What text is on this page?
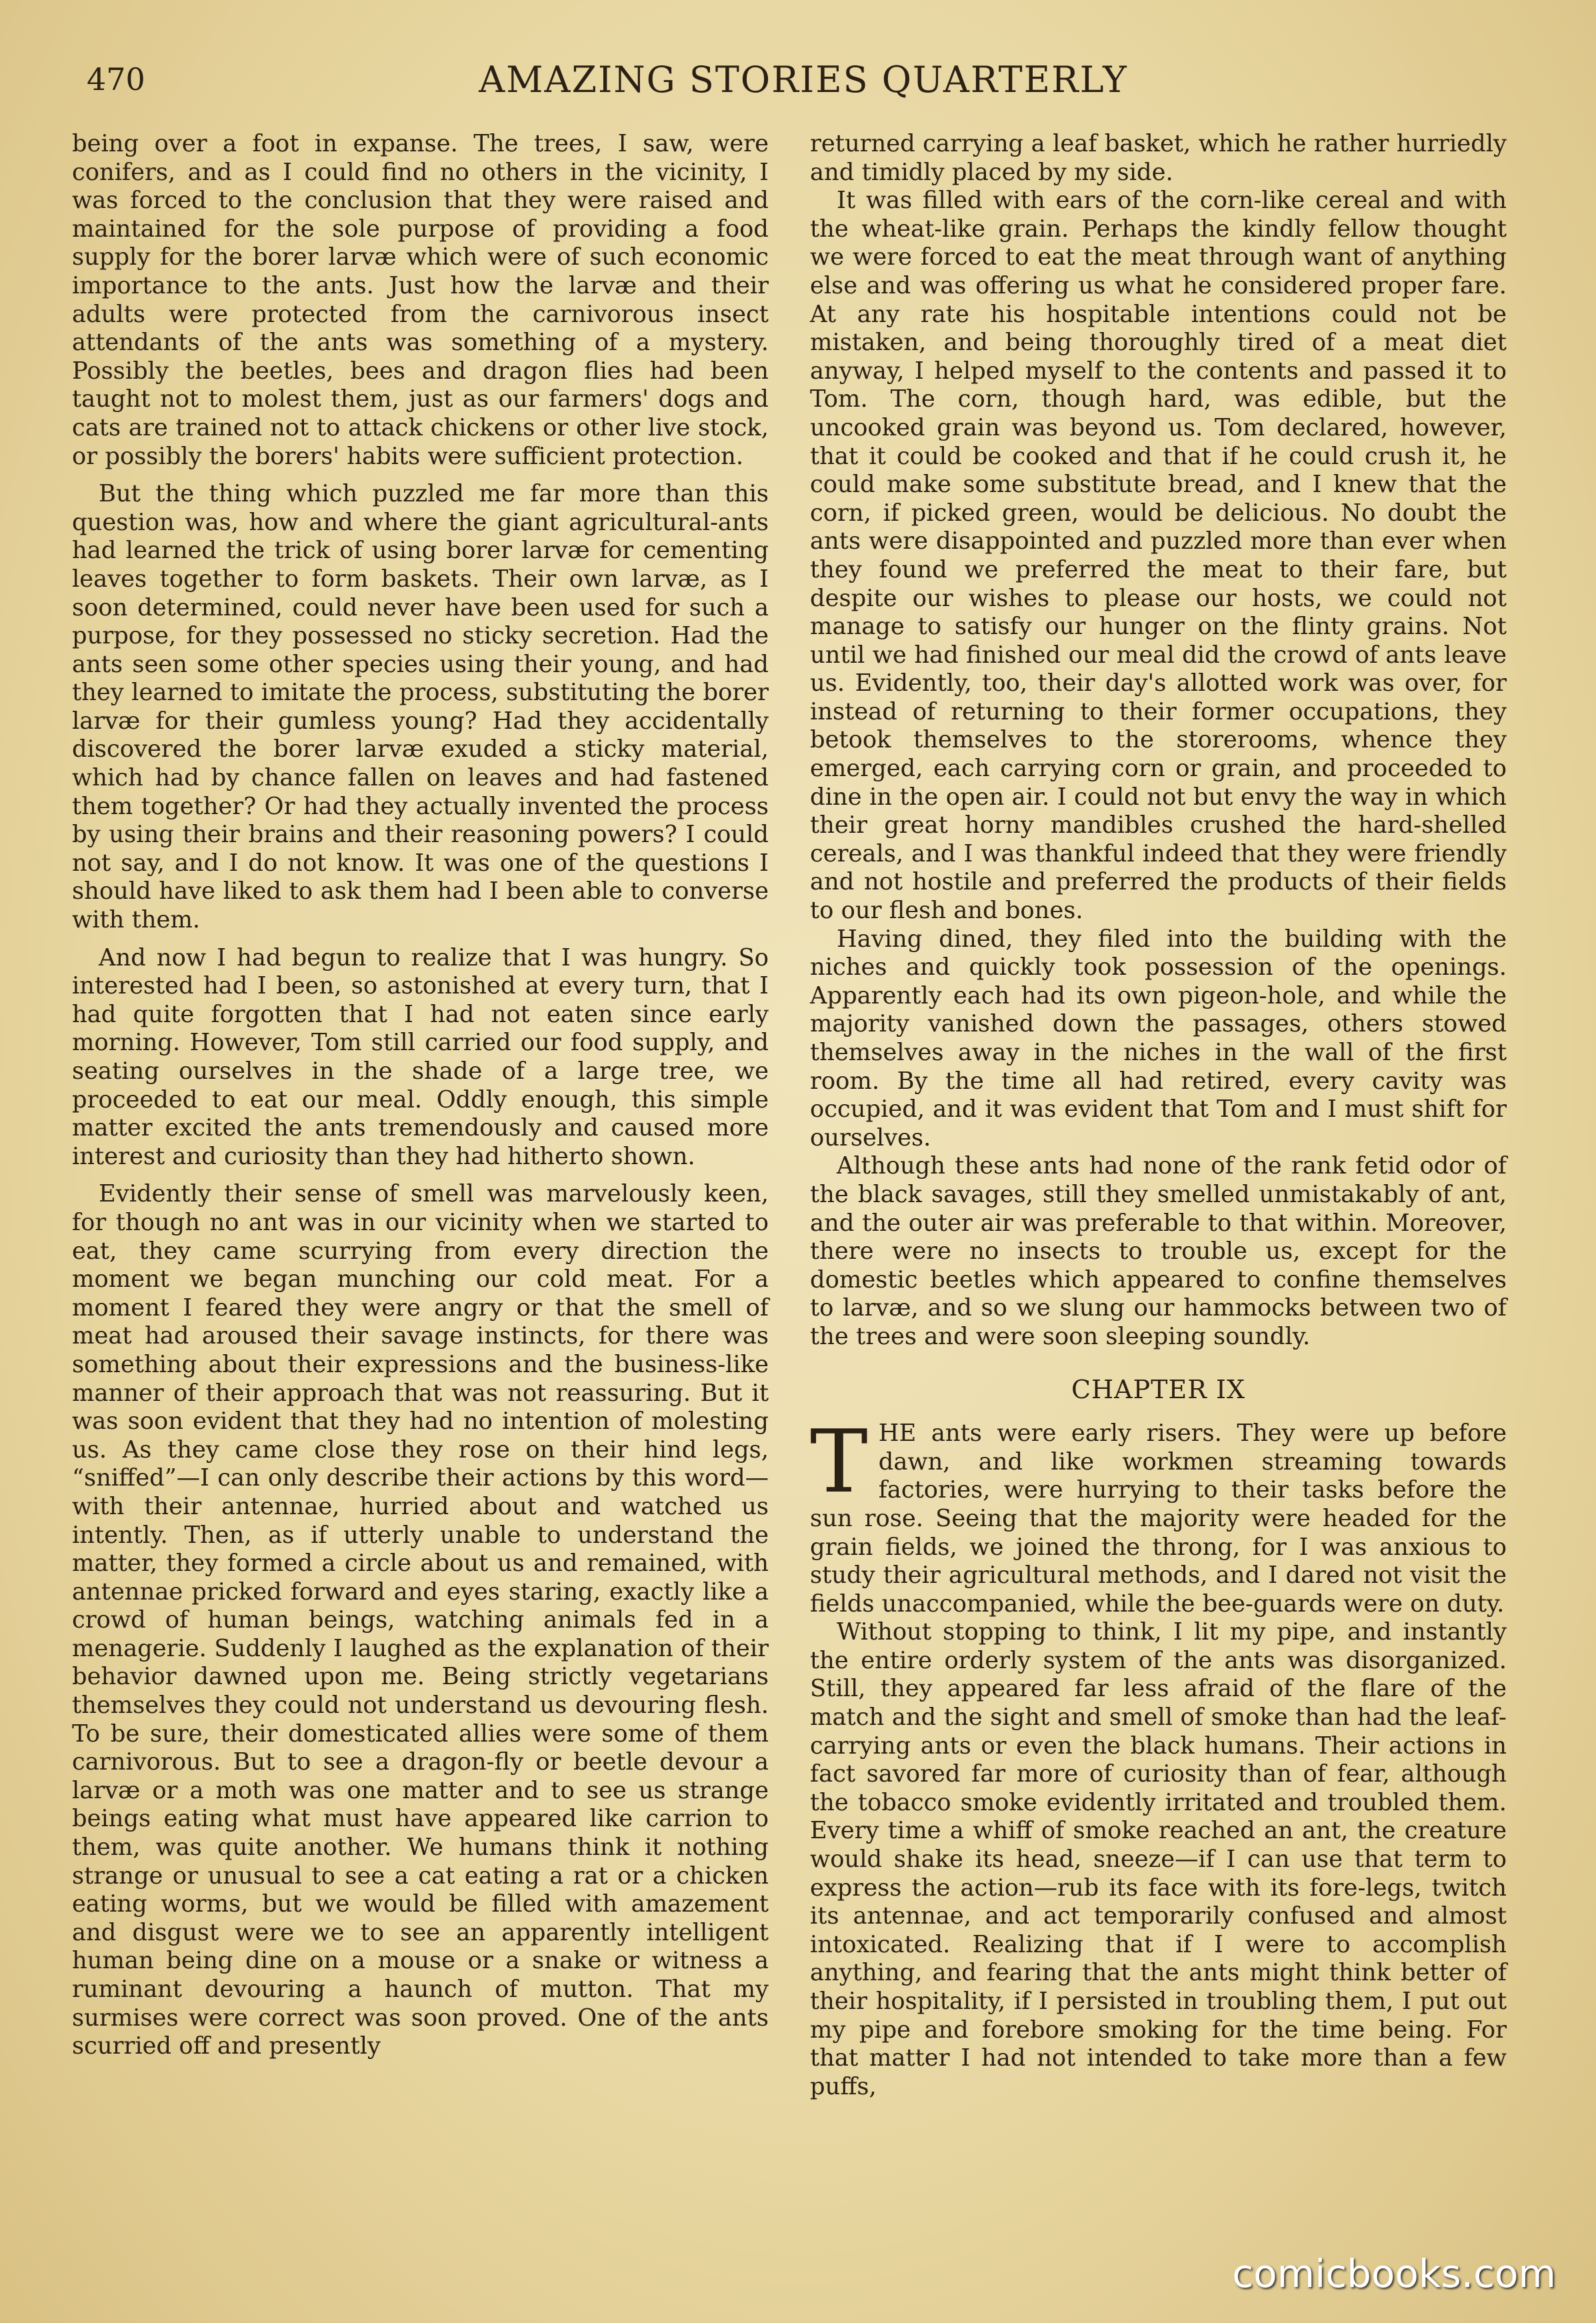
470	AMAZING STORIES QUARTERLY

being over a foot in expanse. The trees, I saw, were conifers, and as I could find no others in the vicinity, I was forced to the conclusion that they were raised and maintained for the sole purpose of providing a food supply for the borer larvæ which were of such economic importance to the ants. Just how the larvæ and their adults were protected from the carnivorous insect attendants of the ants was something of a mystery. Possibly the beetles, bees and dragon flies had been taught not to molest them, just as our farmers' dogs and cats are trained not to attack chickens or other live stock, or possibly the borers' habits were sufficient protection.

But the thing which puzzled me far more than this question was, how and where the giant agricultural-ants had learned the trick of using borer larvæ for cementing leaves together to form baskets. Their own larvæ, as I soon determined, could never have been used for such a purpose, for they possessed no sticky secretion. Had the ants seen some other species using their young, and had they learned to imitate the process, substituting the borer larvæ for their gumless young? Had they accidentally discovered the borer larvæ exuded a sticky material, which had by chance fallen on leaves and had fastened them together? Or had they actually invented the process by using their brains and their reasoning powers? I could not say, and I do not know. It was one of the questions I should have liked to ask them had I been able to converse with them.

And now I had begun to realize that I was hungry. So interested had I been, so astonished at every turn, that I had quite forgotten that I had not eaten since early morning. However, Tom still carried our food supply, and seating ourselves in the shade of a large tree, we proceeded to eat our meal. Oddly enough, this simple matter excited the ants tremendously and caused more interest and curiosity than they had hitherto shown.

Evidently their sense of smell was marvelously keen, for though no ant was in our vicinity when we started to eat, they came scurrying from every direction the moment we began munching our cold meat. For a moment I feared they were angry or that the smell of meat had aroused their savage instincts, for there was something about their expressions and the business-like manner of their approach that was not reassuring. But it was soon evident that they had no intention of molesting us. As they came close they rose on their hind legs, “sniffed”—I can only describe their actions by this word—with their antennae, hurried about and watched us intently. Then, as if utterly unable to understand the matter, they formed a circle about us and remained, with antennae pricked forward and eyes staring, exactly like a crowd of human beings, watching animals fed in a menagerie. Suddenly I laughed as the explanation of their behavior dawned upon me. Being strictly vegetarians themselves they could not understand us devouring flesh. To be sure, their domesticated allies were some of them carnivorous. But to see a dragon-fly or beetle devour a larvæ or a moth was one matter and to see us strange beings eating what must have appeared like carrion to them, was quite another. We humans think it nothing strange or unusual to see a cat eating a rat or a chicken eating worms, but we would be filled with amazement and disgust were we to see an apparently intelligent human being dine on a mouse or a snake or witness a ruminant devouring a haunch of mutton. That my surmises were correct was soon proved. One of the ants scurried off and presently

returned carrying a leaf basket, which he rather hurriedly and timidly placed by my side.

It was filled with ears of the corn-like cereal and with the wheat-like grain. Perhaps the kindly fellow thought we were forced to eat the meat through want of anything else and was offering us what he considered proper fare. At any rate his hospitable intentions could not be mistaken, and being thoroughly tired of a meat diet anyway, I helped myself to the contents and passed it to Tom. The corn, though hard, was edible, but the uncooked grain was beyond us. Tom declared, however, that it could be cooked and that if he could crush it, he could make some substitute bread, and I knew that the corn, if picked green, would be delicious. No doubt the ants were disappointed and puzzled more than ever when they found we preferred the meat to their fare, but despite our wishes to please our hosts, we could not manage to satisfy our hunger on the flinty grains. Not until we had finished our meal did the crowd of ants leave us. Evidently, too, their day's allotted work was over, for instead of returning to their former occupations, they betook themselves to the storerooms, whence they emerged, each carrying corn or grain, and proceeded to dine in the open air. I could not but envy the way in which their great horny mandibles crushed the hard-shelled cereals, and I was thankful indeed that they were friendly and not hostile and preferred the products of their fields to our flesh and bones.

Having dined, they filed into the building with the niches and quickly took possession of the openings. Apparently each had its own pigeon-hole, and while the majority vanished down the passages, others stowed themselves away in the niches in the wall of the first room. By the time all had retired, every cavity was occupied, and it was evident that Tom and I must shift for ourselves.

Although these ants had none of the rank fetid odor of the black savages, still they smelled unmistakably of ant, and the outer air was preferable to that within. Moreover, there were no insects to trouble us, except for the domestic beetles which appeared to confine themselves to larvæ, and so we slung our hammocks between two of the trees and were soon sleeping soundly.

CHAPTER IX

THE ants were early risers. They were up before dawn, and like workmen streaming towards factories, were hurrying to their tasks before the sun rose. Seeing that the majority were headed for the grain fields, we joined the throng, for I was anxious to study their agricultural methods, and I dared not visit the fields unaccompanied, while the bee-guards were on duty.

Without stopping to think, I lit my pipe, and instantly the entire orderly system of the ants was disorganized. Still, they appeared far less afraid of the flare of the match and the sight and smell of smoke than had the leaf-carrying ants or even the black humans. Their actions in fact savored far more of curiosity than of fear, although the tobacco smoke evidently irritated and troubled them. Every time a whiff of smoke reached an ant, the creature would shake its head, sneeze—if I can use that term to express the action—rub its face with its fore-legs, twitch its antennae, and act temporarily confused and almost intoxicated. Realizing that if I were to accomplish anything, and fearing that the ants might think better of their hospitality, if I persisted in troubling them, I put out my pipe and forebore smoking for the time being. For that matter I had not intended to take more than a few puffs,

comicbooks.com
